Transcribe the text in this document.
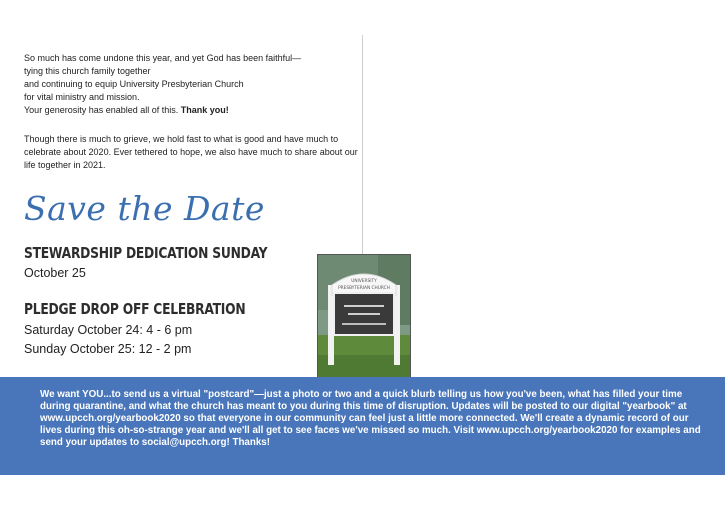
So much has come undone this year, and yet God has been faithful—

tying this church family together

and continuing to equip University Presbyterian Church

for vital ministry and mission.

Your generosity has enabled all of this. Thank you!

Though there is much to grieve, we hold fast to what is good and have much to celebrate about 2020. Ever tethered to hope, we also have much to share about our life together in 2021.

Save the Date
STEWARDSHIP DEDICATION SUNDAY
October 25
PLEDGE DROP OFF CELEBRATION
Saturday October 24: 4 - 6 pm
Sunday October 25: 12 - 2 pm
UNIVERSITY
PRESBYTERIAN CHURCH

We want YOU...to send us a virtual "postcard"—just a photo or two and a quick blurb telling us how you've been, what has filled your time during quarantine, and what the church has meant to you during this time of disruption. Updates will be posted to our digital "yearbook" at www.upcch.org/yearbook2020 so that everyone in our community can feel just a little more connected. We'll create a dynamic record of our lives during this oh-so-strange year and we'll all get to see faces we've missed so much. Visit www.upcch.org/yearbook2020 for examples and send your updates to social@upcch.org! Thanks!
